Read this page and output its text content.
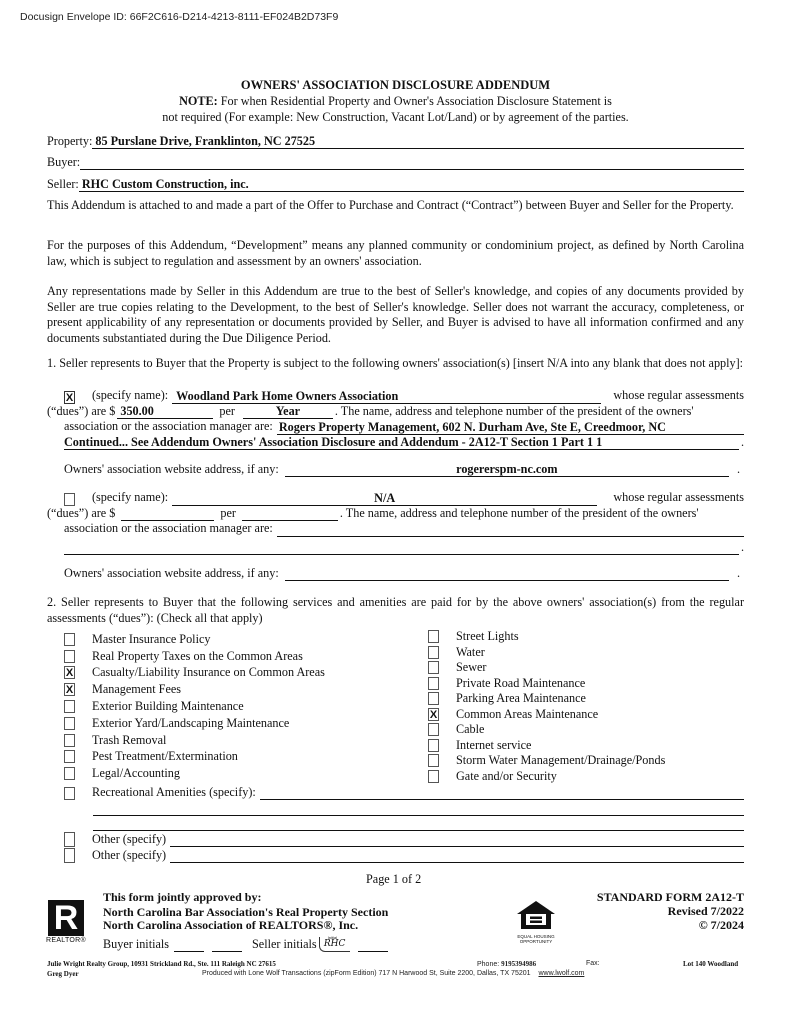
Docusign Envelope ID: 66F2C616-D214-4213-8111-EF024B2D73F9
OWNERS' ASSOCIATION DISCLOSURE ADDENDUM
NOTE: For when Residential Property and Owner's Association Disclosure Statement is
not required (For example: New Construction, Vacant Lot/Land) or by agreement of the parties.
Property: 85 Purslane Drive, Franklinton, NC 27525
Buyer:
Seller: RHC Custom Construction, inc.
This Addendum is attached to and made a part of the Offer to Purchase and Contract (“Contract”) between Buyer and Seller for the Property.
For the purposes of this Addendum, “Development” means any planned community or condominium project, as defined by North Carolina law, which is subject to regulation and assessment by an owners' association.
Any representations made by Seller in this Addendum are true to the best of Seller's knowledge, and copies of any documents provided by Seller are true copies relating to the Development, to the best of Seller's knowledge. Seller does not warrant the accuracy, completeness, or present applicability of any representation or documents provided by Seller, and Buyer is advised to have all information confirmed and any documents substantiated during the Due Diligence Period.
1. Seller represents to Buyer that the Property is subject to the following owners' association(s) [insert N/A into any blank that does not apply]:
X (specify name): Woodland Park Home Owners Association	whose regular assessments
(“dues”) are $ 350.00	per	Year	. The name, address and telephone number of the president of the owners'
association or the association manager are: Rogers Property Management, 602 N. Durham Ave, Ste E, Creedmoor, NC
Continued... See Addendum Owners' Association Disclosure and Addendum - 2A12-T Section 1 Part 1 1	.
Owners' association website address, if any:	rogererspm-nc.com	.
(specify name):	N/A	whose regular assessments
(“dues”) are $	per	. The name, address and telephone number of the president of the owners'
association or the association manager are:
.
Owners' association website address, if any:	.
2. Seller represents to Buyer that the following services and amenities are paid for by the above owners' association(s) from the regular assessments (“dues”): (Check all that apply)
Master Insurance Policy
Real Property Taxes on the Common Areas
X Casualty/Liability Insurance on Common Areas
X Management Fees
Exterior Building Maintenance
Exterior Yard/Landscaping Maintenance
Trash Removal
Pest Treatment/Extermination
Legal/Accounting
Street Lights
Water
Sewer
Private Road Maintenance
Parking Area Maintenance
X Common Areas Maintenance
Cable
Internet service
Storm Water Management/Drainage/Ponds
Gate and/or Security
Recreational Amenities (specify):
Other (specify)
Other (specify)
Page 1 of 2
R
REALTOR®
This form jointly approved by:
North Carolina Bar Association's Real Property Section
North Carolina Association of REALTORS®, Inc.
Buyer initials	Seller initials	Initial
RHC
EQUAL HOUSING OPPORTUNITY
STANDARD FORM 2A12-T
Revised 7/2022
© 7/2024
Julie Wright Realty Group, 10931 Strickland Rd., Ste. 111 Raleigh NC 27615
Greg Dyer
Phone: 9195394986	Fax:	Lot 140 Woodland
Produced with Lone Wolf Transactions (zipForm Edition) 717 N Harwood St, Suite 2200, Dallas, TX 75201 www.lwolf.com
